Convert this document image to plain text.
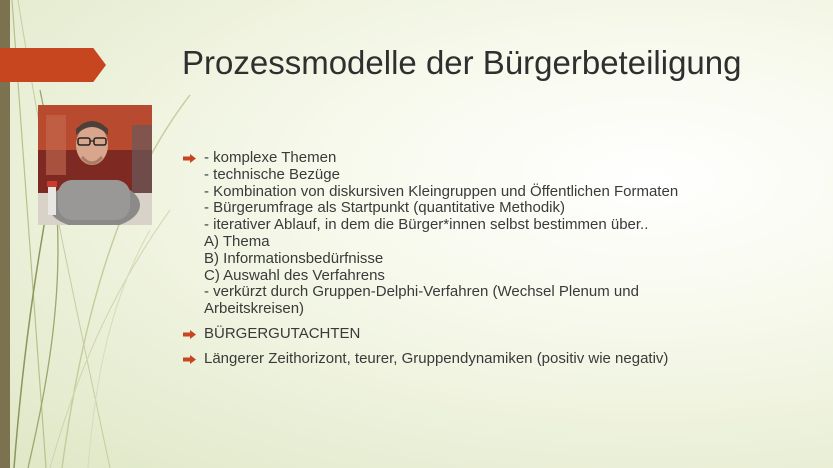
Prozessmodelle der Bürgerbeteiligung
- komplexe Themen
- technische Bezüge
- Kombination von diskursiven Kleingruppen und Öffentlichen Formaten
- Bürgerumfrage als Startpunkt (quantitative Methodik)
- iterativer Ablauf, in dem die Bürger*innen selbst bestimmen über..
A) Thema
B) Informationsbedürfnisse
C) Auswahl des Verfahrens
- verkürzt durch Gruppen-Delphi-Verfahren (Wechsel Plenum und
Arbeitskreisen)
BÜRGERGUTACHTEN
Längerer Zeithorizont, teurer, Gruppendynamiken (positiv wie negativ)
